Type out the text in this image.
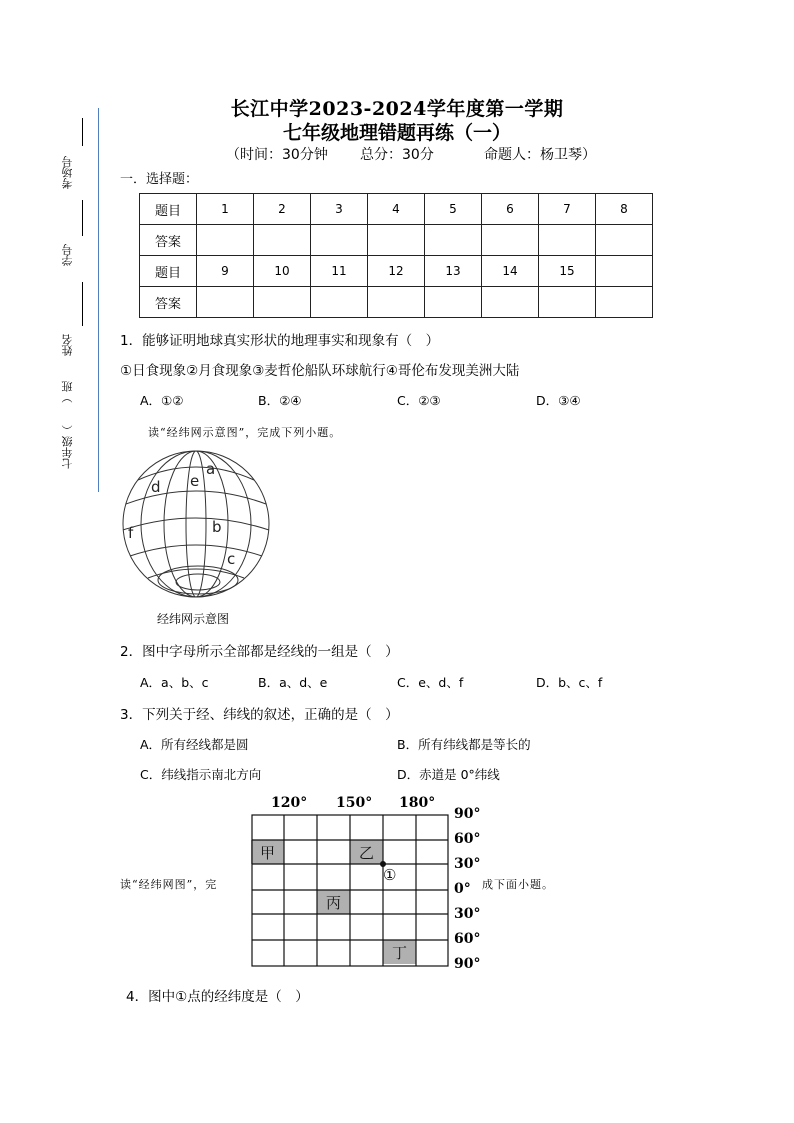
考场号
学号
姓名
七年级（　　）班
长江中学2023-2024学年度第一学期
七年级地理错题再练（一）
（时间：30分钟 总分：30分	命题人：杨卫琴）
一．选择题：
题目	1	2	3	4	5	6	7	8
答案								
题目	9	10	11	12	13	14	15	
答案								
1．能够证明地球真实形状的地理事实和现象有（　）
①日食现象②月食现象③麦哲伦船队环球航行④哥伦布发现美洲大陆
A．①②	B．②④	C．②③	D．③④
读“经纬网示意图”，完成下列小题。
a
b
c
d e
f
经纬网示意图
2．图中字母所示全部都是经线的一组是（　）
A．a、b、c	B．a、d、e	C．e、d、f	D．b、c、f
3．下列关于经、纬线的叙述，正确的是（　）
A．所有经线都是圆	B．所有纬线都是等长的
C．纬线指示南北方向	D．赤道是 0°纬线
120° 150° 180°
甲	乙
丙
丁
①
90°
60°
30°
0°
30°
60°
90°
读“经纬网图”，完	成下面小题。
4．图中①点的经纬度是（　）
